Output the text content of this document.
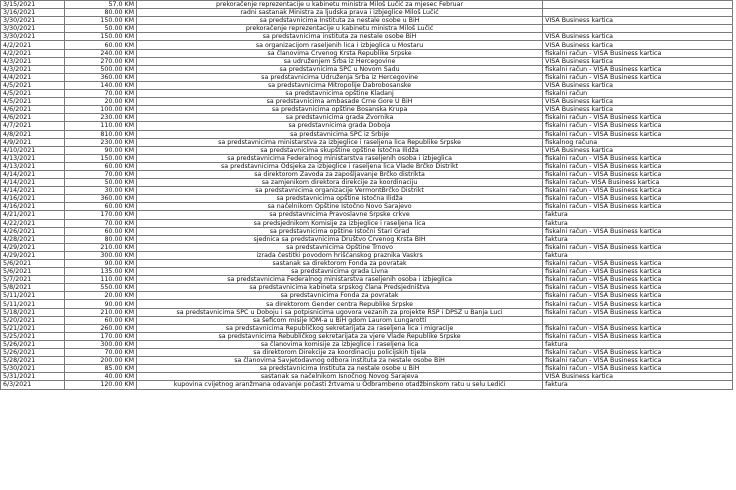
3/15/2021	57.0 KM	prekoračenje reprezentacije u kabinetu ministra Miloš Lučić za mjesec Februar	
3/16/2021	80.00 KM	radni sastanak Ministra za ljudska prava i izbjeglice Miloš Lučić	
3/30/2021	150.00 KM	sa predstavnicima Instituta za nestale osobe u BiH	VISA Business kartica
3/30/2021	50.00 KM	prekoračenje reprezentacije u kabinetu ministra Miloš Lučić	
3/30/2021	150.00 KM	sa predstavnicima instituta za nestale osobe BiH	VISA Business kartica
4/2/2021	60.00 KM	sa organizacijom raseljenih lica i izbjeglica u Mostaru	VISA Business kartica
4/2/2021	240.00 KM	sa članovima Crvenog Krsta Republike Srpske	fiskalni račun - VISA Business kartica
4/3/2021	270.00 KM	sa udruženjem Srba iz Hercegovine	VISA Business kartica
4/3/2021	500.00 KM	sa predstavnicima SPC u Novom Sadu	fiskalni račun - VISA Business kartica
4/4/2021	360.00 KM	sa predstavnicima Udruženja Srba iz Hercegovine	fiskalni račun - VISA Business kartica
4/5/2021	140.00 KM	sa predstavnicima Mitropolije Dabrobosanske	VISA Business kartica
4/5/2021	70.00 KM	sa predstavnicima opštine Kladanj	fiskalni račun
4/5/2021	20.00 KM	sa predstavnicima ambasade Crne Gore U BiH	VISA Business kartica
4/6/2021	100.00 KM	sa predstavnicima opštine Bosanska Krupa	VISA Business kartica
4/6/2021	230.00 KM	sa predstavnicima grada Zvornika	fiskalni račun - VISA Business kartica
4/7/2021	110.00 KM	sa predstavnicima grada Doboja	fiskalni račun - VISA Business kartica
4/8/2021	810.00 KM	sa predstavnicima SPC iz Srbije	fiskalni račun - VISA Business kartica
4/9/2021	230.00 KM	sa predstavnicima ministarstva za izbjeglice i raseljena lica Republike Srpske	fiskalnog računa
4/10/2021	90.00 KM	sa predstavnicima skupštine opštine Istočna Ilidža	VISA Business kartica
4/13/2021	150.00 KM	sa predstavnicima Federalnog ministarstva raseljenih osoba i izbjeglica	fiskalni račun - VISA Business kartica
4/13/2021	60.00 KM	sa predstavnicima Odsjeka za izbjeglice i raseljena lica Vlade Brčko Distrikt	fiskalni račun - VISA Business kartica
4/14/2021	70.00 KM	sa direktorom Zavoda za zapošljavanje Brčko distrikta	fiskalni račun - VISA Business kartica
4/14/2021	50.00 KM	sa zamjenikom direktora direkcije za koordinaciju	fiskalni račun- VISA Business kartica
4/14/2021	30.00 KM	sa predstavnicima organizacije VermontBrčko Distrikt	fiskalni račun - VISA Business kartica
4/16/2021	360.00 KM	sa predstavnicima opštine Istočna Ilidža	fiskalni račun - VISA Business kartica
4/16/2021	60.00 KM	sa načelnikom Opštine Istočno Novo Sarajevo	fiskalni račun - VISA Business kartica
4/21/2021	170.00 KM	sa predstavnicima Pravoslavne Srpske crkve	faktura
4/22/2021	70.00 KM	sa predsjednikom Komisije za izbjeglice i raseljena lica	faktura
4/26/2021	60.00 KM	sa predstavnicima opštine Istočni Stari Grad	fiskalni račun - VISA Business kartica
4/28/2021	80.00 KM	sjednica sa predstavnicima Društvo Crvenog Krsta BIH	faktura
4/29/2021	210.00 KM	sa predstavnicima Opštine Trnovo	fiskalni račun - VISA Business kartica
4/29/2021	300.00 KM	izrada čestitki povodom hrišćanskog praznika Vaskrs	faktura
5/6/2021	90.00 KM	sastanak sa direktorom Fonda za povratak	fiskalni račun - VISA Business kartica
5/6/2021	135.00 KM	sa predstavnicima grada Livna	fiskalni račun - VISA Business kartica
5/7/2021	110.00 KM	sa predstavnicima Federalnog ministarstva raseljenih osoba i izbjeglica	fiskalni račun - VISA Business kartica
5/8/2021	550.00 KM	sa predstavnicima kabineta srpskog člana Predsjedništva	fiskalni račun - VISA Business kartica
5/11/2021	20.00 KM	sa predstavnicima Fonda za povratak	fiskalni račun - VISA Business kartica
5/11/2021	90.00 KM	sa direktorom Gender centra Republike Srpske	fiskalni račun - VISA Business kartica
5/18/2021	210.00 KM	sa predstavnicima SPC u Doboju i sa potpisnicima ugovora vezanih za projekte RSP i DPSZ u Banja Luci	fiskalni račun - VISA Business kartica
5/20/2021	60.00 KM	sa šeficom misije IOM-a u BiH gdom Laurom Lungarotti	
5/21/2021	260.00 KM	sa predstavnicima Republičkog sekretarijata za raseljena lica i migracije	fiskalni račun - VISA Business kartica
5/25/2021	170.00 KM	sa predstavnicima Rebubličkog sekretarijata za vjere Vlade Republike Srpske	fiskalni račun - VISA Business kartica
5/26/2021	300.00 KM	sa članovima komisije za izbjeglice i raseljena lica	faktura
5/26/2021	70.00 KM	sa direktorom Direkcije za koordinaciju policijskih tijela	fiskalni račun - VISA Business kartica
5/28/2021	200.00 KM	sa članovima Savjetodavnog odbora instituta za nestale osobe BiH	fiskalni račun - VISA Business kartica
5/30/2021	85.00 KM	sa predstavnicima Instituta za nestale osobe u BiH	fiskalni račun - VISA Business kartica
5/31/2021	40.00 KM	sastanak sa načelnikom Isnočnog Novog Sarajeva	VISA Business kartica
6/3/2021	120.00 KM	kupovina cvijetnog aranžmana odavanje počasti žrtvama u Odbrambeno otadžbinskom ratu u selu Ledići	faktura
